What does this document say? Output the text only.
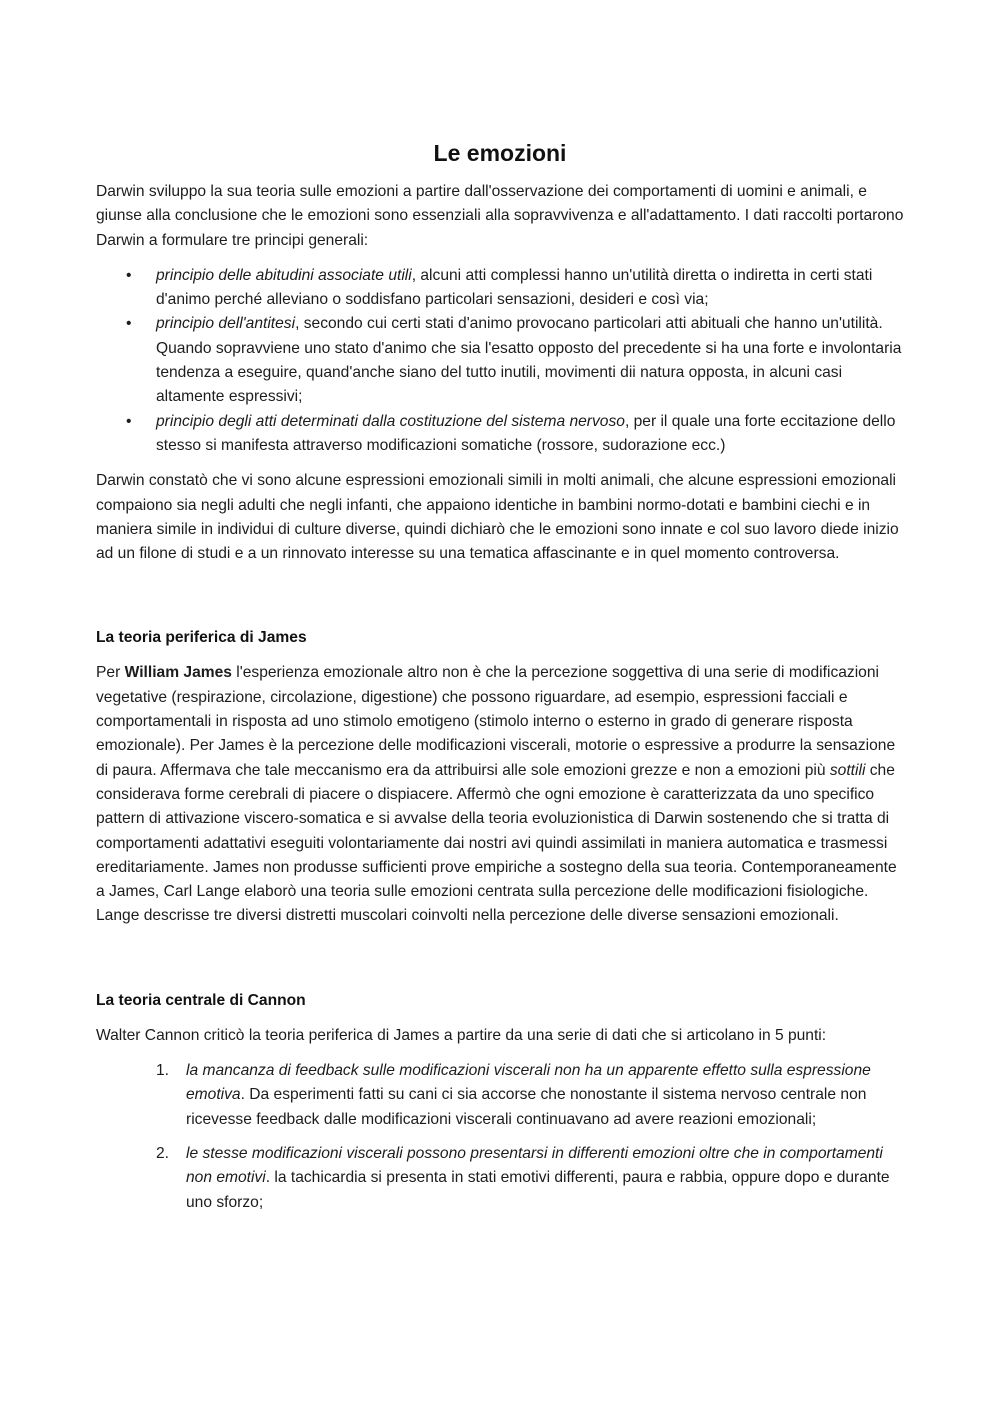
Le emozioni

Darwin sviluppo la sua teoria sulle emozioni a partire dall'osservazione dei comportamenti di uomini e animali, e giunse alla conclusione che le emozioni sono essenziali alla sopravvivenza e all'adattamento. I dati raccolti portarono Darwin a formulare tre principi generali:

• principio delle abitudini associate utili, alcuni atti complessi hanno un'utilità diretta o indiretta in certi stati d'animo perché alleviano o soddisfano particolari sensazioni, desideri e così via;
• principio dell'antitesi, secondo cui certi stati d'animo provocano particolari atti abituali che hanno un'utilità. Quando sopravviene uno stato d'animo che sia l'esatto opposto del precedente si ha una forte e involontaria tendenza a eseguire, quand'anche siano del tutto inutili, movimenti dii natura opposta, in alcuni casi altamente espressivi;
• principio degli atti determinati dalla costituzione del sistema nervoso, per il quale una forte eccitazione dello stesso si manifesta attraverso modificazioni somatiche (rossore, sudorazione ecc.)

Darwin constatò che vi sono alcune espressioni emozionali simili in molti animali, che alcune espressioni emozionali compaiono sia negli adulti che negli infanti, che appaiono identiche in bambini normo-dotati e bambini ciechi e in maniera simile in individui di culture diverse, quindi dichiarò che le emozioni sono innate e col suo lavoro diede inizio ad un filone di studi e a un rinnovato interesse su una tematica affascinante e in quel momento controversa.

La teoria periferica di James

Per William James l'esperienza emozionale altro non è che la percezione soggettiva di una serie di modificazioni vegetative (respirazione, circolazione, digestione) che possono riguardare, ad esempio, espressioni facciali e comportamentali in risposta ad uno stimolo emotigeno (stimolo interno o esterno in grado di generare risposta emozionale). Per James è la percezione delle modificazioni viscerali, motorie o espressive a produrre la sensazione di paura. Affermava che tale meccanismo era da attribuirsi alle sole emozioni grezze e non a emozioni più sottili che considerava forme cerebrali di piacere o dispiacere. Affermò che ogni emozione è caratterizzata da uno specifico pattern di attivazione viscero-somatica e si avvalse della teoria evoluzionistica di Darwin sostenendo che si tratta di comportamenti adattativi eseguiti volontariamente dai nostri avi quindi assimilati in maniera automatica e trasmessi ereditariamente. James non produsse sufficienti prove empiriche a sostegno della sua teoria. Contemporaneamente a James, Carl Lange elaborò una teoria sulle emozioni centrata sulla percezione delle modificazioni fisiologiche. Lange descrisse tre diversi distretti muscolari coinvolti nella percezione delle diverse sensazioni emozionali.

La teoria centrale di Cannon

Walter Cannon criticò la teoria periferica di James a partire da una serie di dati che si articolano in 5 punti:

1. la mancanza di feedback sulle modificazioni viscerali non ha un apparente effetto sulla espressione emotiva. Da esperimenti fatti su cani ci sia accorse che nonostante il sistema nervoso centrale non ricevesse feedback dalle modificazioni viscerali continuavano ad avere reazioni emozionali;
2. le stesse modificazioni viscerali possono presentarsi in differenti emozioni oltre che in comportamenti non emotivi. la tachicardia si presenta in stati emotivi differenti, paura e rabbia, oppure dopo e durante uno sforzo;
